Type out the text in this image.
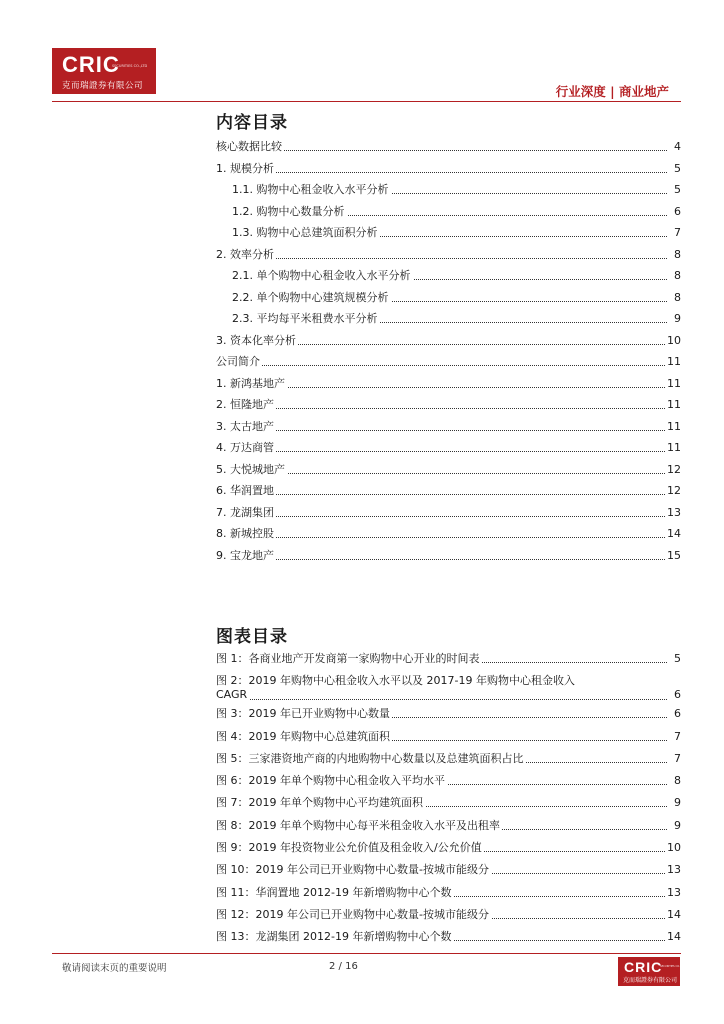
CRIC
SECURITIES CO.,LTD
克而瑞證券有限公司	行业深度 | 商业地产
内容目录
核心数据比较	4
1. 规模分析	5
1.1. 购物中心租金收入水平分析	5
1.2. 购物中心数量分析	6
1.3. 购物中心总建筑面积分析	7
2. 效率分析	8
2.1. 单个购物中心租金收入水平分析	8
2.2. 单个购物中心建筑规模分析	8
2.3. 平均每平米租费水平分析	9
3. 资本化率分析	10
公司简介	11
1. 新鸿基地产	11
2. 恒隆地产	11
3. 太古地产	11
4. 万达商管	11
5. 大悦城地产	12
6. 华润置地	12
7. 龙湖集团	13
8. 新城控股	14
9. 宝龙地产	15
图表目录
图 1：各商业地产开发商第一家购物中心开业的时间表	5
图 2：2019 年购物中心租金收入水平以及 2017-19 年购物中心租金收入
CAGR	6
图 3：2019 年已开业购物中心数量	6
图 4：2019 年购物中心总建筑面积	7
图 5：三家港资地产商的内地购物中心数量以及总建筑面积占比	7
图 6：2019 年单个购物中心租金收入平均水平	8
图 7：2019 年单个购物中心平均建筑面积	9
图 8：2019 年单个购物中心每平米租金收入水平及出租率	9
图 9：2019 年投资物业公允价值及租金收入/公允价值	10
图 10：2019 年公司已开业购物中心数量-按城市能级分	13
图 11：华润置地 2012-19 年新增购物中心个数	13
图 12：2019 年公司已开业购物中心数量-按城市能级分	14
图 13：龙湖集团 2012-19 年新增购物中心个数	14
敬请阅读末页的重要说明	2 / 16	CRIC
SECURITIES CO.,LTD
克而瑞證券有限公司
